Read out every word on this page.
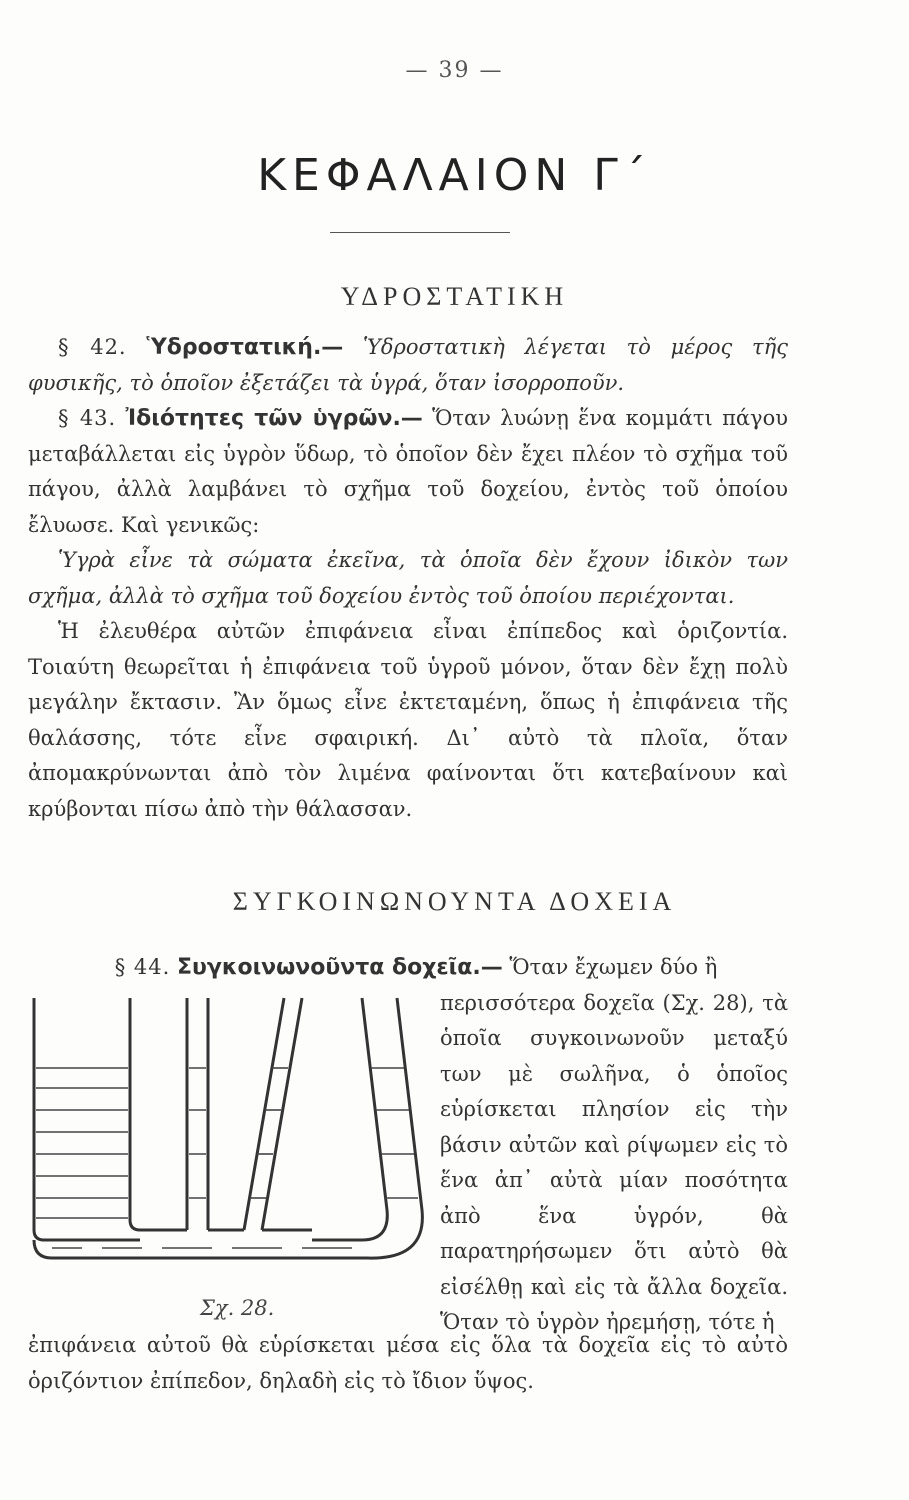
— 39 —
ΚΕΦΑΛΑΙΟΝ Γ΄
ΥΔΡΟΣΤΑΤΙΚΗ

§ 42. Ὑδροστατική.— Ὑδροστατικὴ λέγεται τὸ μέρος τῆς φυσικῆς, τὸ ὁποῖον ἐξετάζει τὰ ὑγρά, ὅταν ἰσορροποῦν.

§ 43. Ἰδιότητες τῶν ὑγρῶν.— Ὅταν λυώνῃ ἕνα κομμάτι πάγου μεταβάλλεται εἰς ὑγρὸν ὕδωρ, τὸ ὁποῖον δὲν ἔχει πλέον τὸ σχῆμα τοῦ πάγου, ἀλλὰ λαμβάνει τὸ σχῆμα τοῦ δοχείου, ἐντὸς τοῦ ὁποίου ἔλυωσε. Καὶ γενικῶς:

Ὑγρὰ εἶνε τὰ σώματα ἐκεῖνα, τὰ ὁποῖα δὲν ἔχουν ἰδικὸν των σχῆμα, ἀλλὰ τὸ σχῆμα τοῦ δοχείου ἐντὸς τοῦ ὁποίου περιέχονται.

Ἡ ἐλευθέρα αὐτῶν ἐπιφάνεια εἶναι ἐπίπεδος καὶ ὁριζοντία. Τοιαύτη θεωρεῖται ἡ ἐπιφάνεια τοῦ ὑγροῦ μόνον, ὅταν δὲν ἔχῃ πολὺ μεγάλην ἔκτασιν. Ἂν ὅμως εἶνε ἐκτεταμένη, ὅπως ἡ ἐπιφάνεια τῆς θαλάσσης, τότε εἶνε σφαιρική. Δι᾽ αὐτὸ τὰ πλοῖα, ὅταν ἀπομακρύνωνται ἀπὸ τὸν λιμένα φαίνονται ὅτι κατεβαίνουν καὶ κρύβονται πίσω ἀπὸ τὴν θάλασσαν.

ΣΥΓΚΟΙΝΩΝΟΥΝΤΑ ΔΟΧΕΙΑ

§ 44. Συγκοινωνοῦντα δοχεῖα.— Ὅταν ἔχωμεν δύο ἢ

περισσότερα δοχεῖα (Σχ. 28), τὰ ὁποῖα συγκοινωνοῦν μεταξύ των μὲ σωλῆνα, ὁ ὁποῖος εὑρίσκεται πλησίον εἰς τὴν βάσιν αὐτῶν καὶ ρίψωμεν εἰς τὸ ἕνα ἀπ᾽ αὐτὰ μίαν ποσότητα ἀπὸ ἕνα ὑγρόν, θὰ παρατηρήσωμεν ὅτι αὐτὸ θὰ εἰσέλθῃ καὶ εἰς τὰ ἄλλα δοχεῖα. Ὅταν τὸ ὑγρὸν ἠρεμήσῃ, τότε ἡ

ἐπιφάνεια αὐτοῦ θὰ εὑρίσκεται μέσα εἰς ὅλα τὰ δοχεῖα εἰς τὸ αὐτὸ ὁριζόντιον ἐπίπεδον, δηλαδὴ εἰς τὸ ἴδιον ὕψος.

Σχ. 28.
